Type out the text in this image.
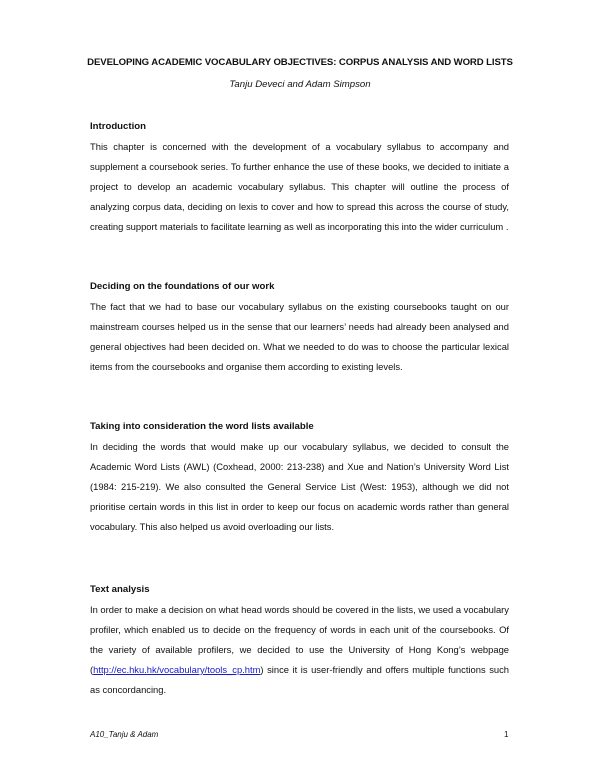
DEVELOPING ACADEMIC VOCABULARY OBJECTIVES: CORPUS ANALYSIS AND WORD LISTS
Tanju Deveci and Adam Simpson
Introduction

This chapter is concerned with the development of a vocabulary syllabus to accompany and supplement a coursebook series. To further enhance the use of these books, we decided to initiate a project to develop an academic vocabulary syllabus. This chapter will outline the process of analyzing corpus data, deciding on lexis to cover and how to spread this across the course of study, creating support materials to facilitate learning as well as incorporating this into the wider curriculum .

Deciding on the foundations of our work

The fact that we had to base our vocabulary syllabus on the existing coursebooks taught on our mainstream courses helped us in the sense that our learners’ needs had already been analysed and general objectives had been decided on. What we needed to do was to choose the particular lexical items from the coursebooks and organise them according to existing levels.

Taking into consideration the word lists available

In deciding the words that would make up our vocabulary syllabus, we decided to consult the Academic Word Lists (AWL) (Coxhead, 2000: 213-238) and Xue and Nation’s University Word List (1984: 215-219). We also consulted the General Service List (West: 1953), although we did not prioritise certain words in this list in order to keep our focus on academic words rather than general vocabulary. This also helped us avoid overloading our lists.

Text analysis

In order to make a decision on what head words should be covered in the lists, we used a vocabulary profiler, which enabled us to decide on the frequency of words in each unit of the coursebooks. Of the variety of available profilers, we decided to use the University of Hong Kong’s webpage (http://ec.hku.hk/vocabulary/tools_cp.htm) since it is user-friendly and offers multiple functions such as concordancing.

A10_Tanju & Adam	1
